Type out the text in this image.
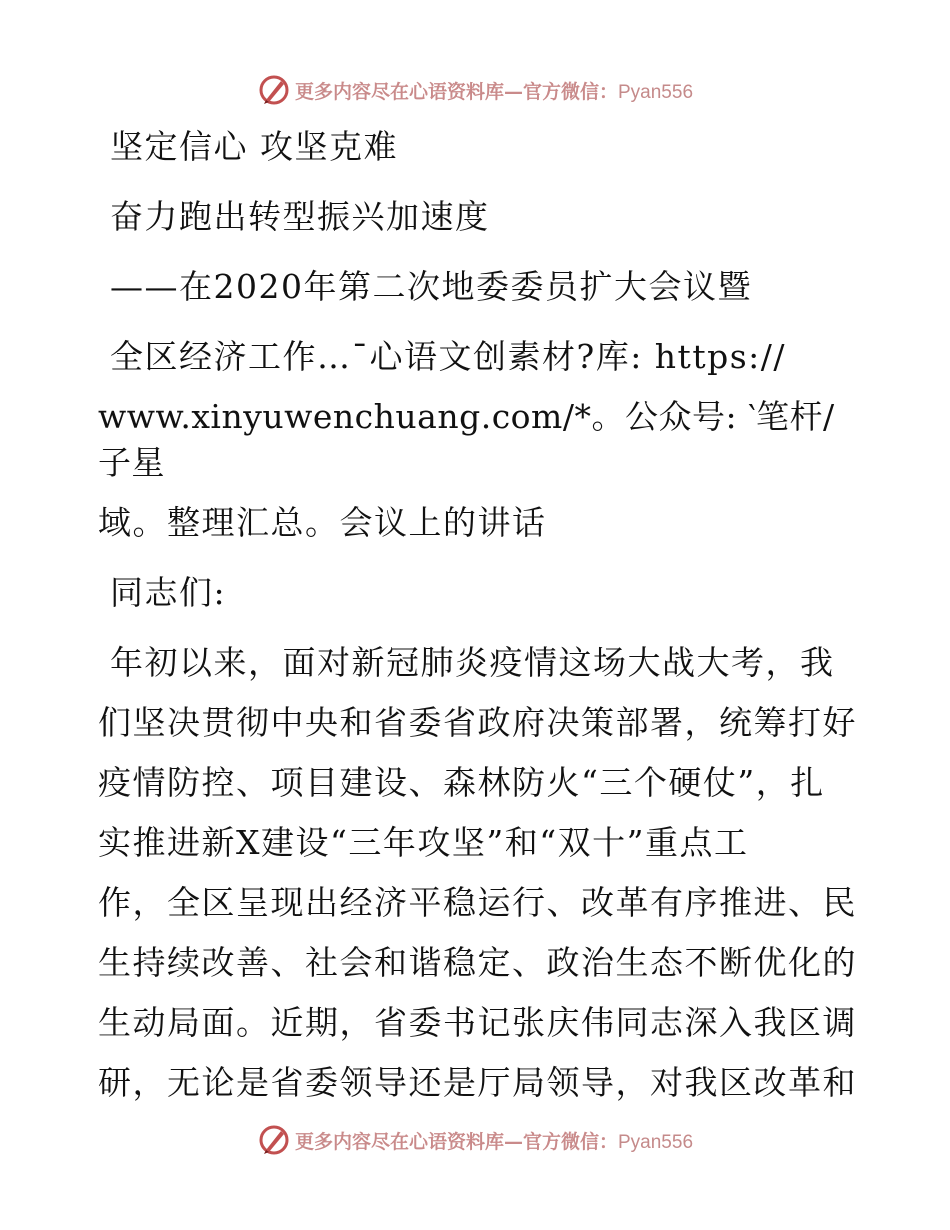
更多内容尽在心语资料库—官方微信：Pyan556

坚定信心 攻坚克难

奋力跑出转型振兴加速度

——在2020年第二次地委委员扩大会议暨

全区经济工作…¯心语文创素材?库: https://

www.xinyuwenchuang.com/*。公众号: ‵笔杆/子星

域。整理汇总。会议上的讲话

同志们:

年初以来，面对新冠肺炎疫情这场大战大考，我

们坚决贯彻中央和省委省政府决策部署，统筹打好

疫情防控、项目建设、森林防火“三个硬仗”，扎

实推进新X建设“三年攻坚”和“双十”重点工

作，全区呈现出经济平稳运行、改革有序推进、民

生持续改善、社会和谐稳定、政治生态不断优化的

生动局面。近期，省委书记张庆伟同志深入我区调

研，无论是省委领导还是厅局领导，对我区改革和

更多内容尽在心语资料库—官方微信：Pyan556
